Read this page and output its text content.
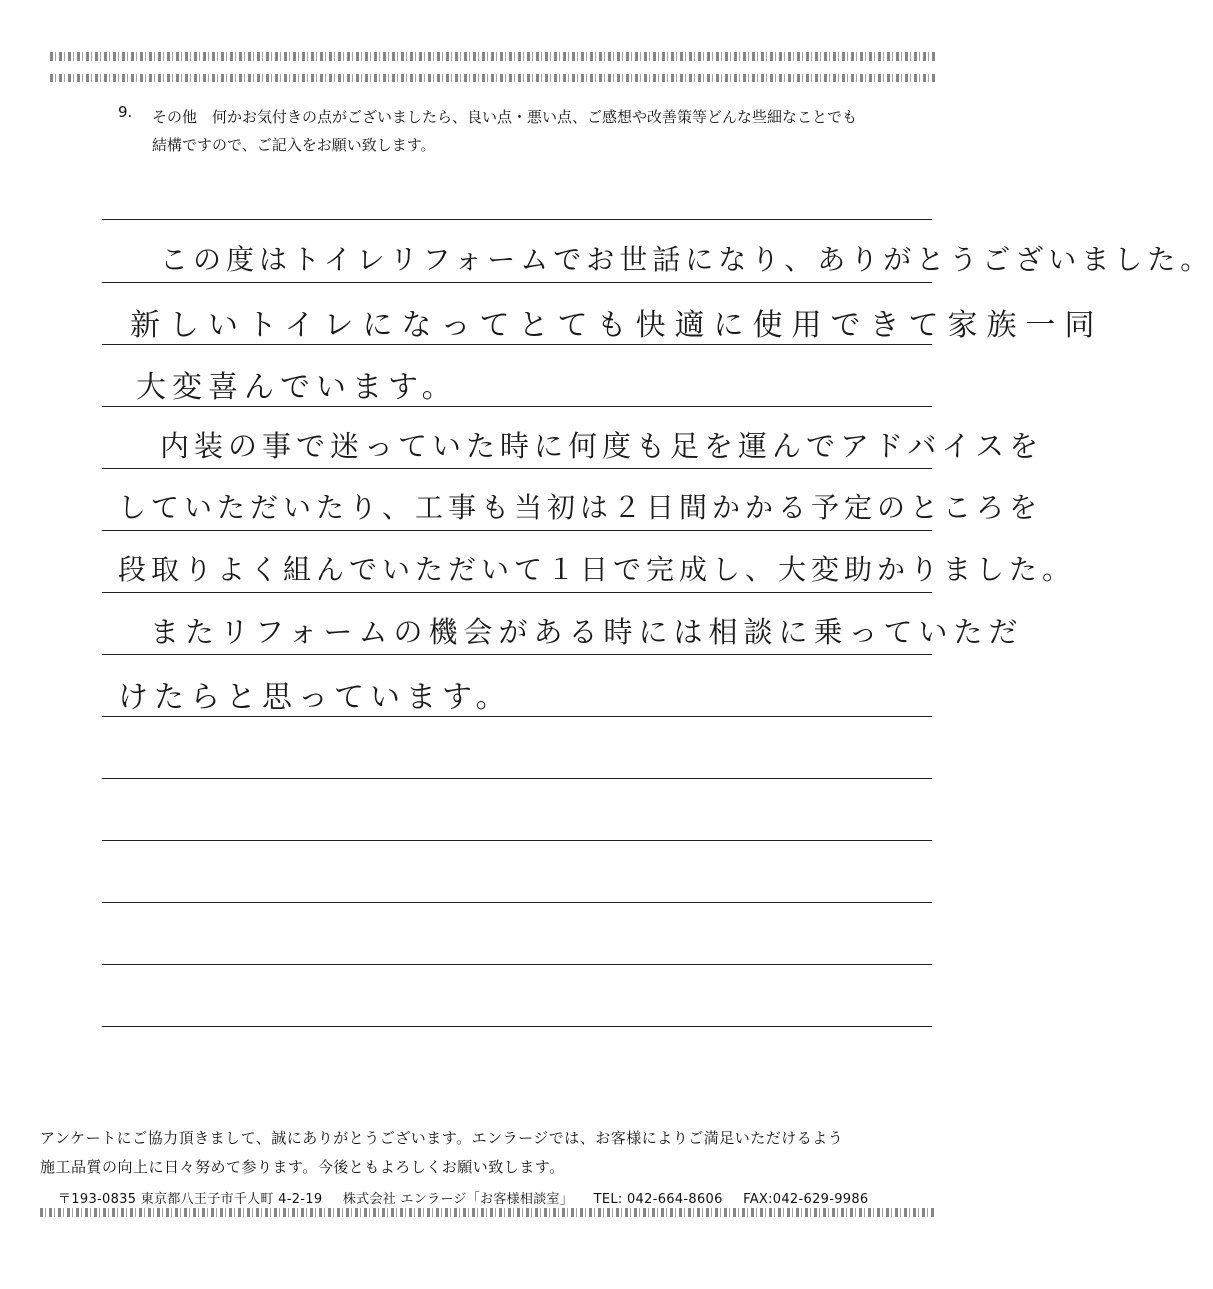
9. その他　何かお気付きの点がございましたら、良い点・悪い点、ご感想や改善策等どんな些細なことでも
結構ですので、ご記入をお願い致します。
この度はトイレリフォームでお世話になり、ありがとうございました。
新しいトイレになってとても快適に使用できて家族一同
大変喜んでいます。
内装の事で迷っていた時に何度も足を運んでアドバイスを
していただいたり、工事も当初は２日間かかる予定のところを
段取りよく組んでいただいて１日で完成し、大変助かりました。
またリフォームの機会がある時には相談に乗っていただ
けたらと思っています。
アンケートにご協力頂きまして、誠にありがとうございます。エンラージでは、お客様によりご満足いただけるよう
施工品質の向上に日々努めて参ります。今後ともよろしくお願い致します。
〒193-0835 東京都八王子市千人町 4-2-19 株式会社 エンラージ「お客様相談室」 TEL: 042-664-8606 FAX:042-629-9986
